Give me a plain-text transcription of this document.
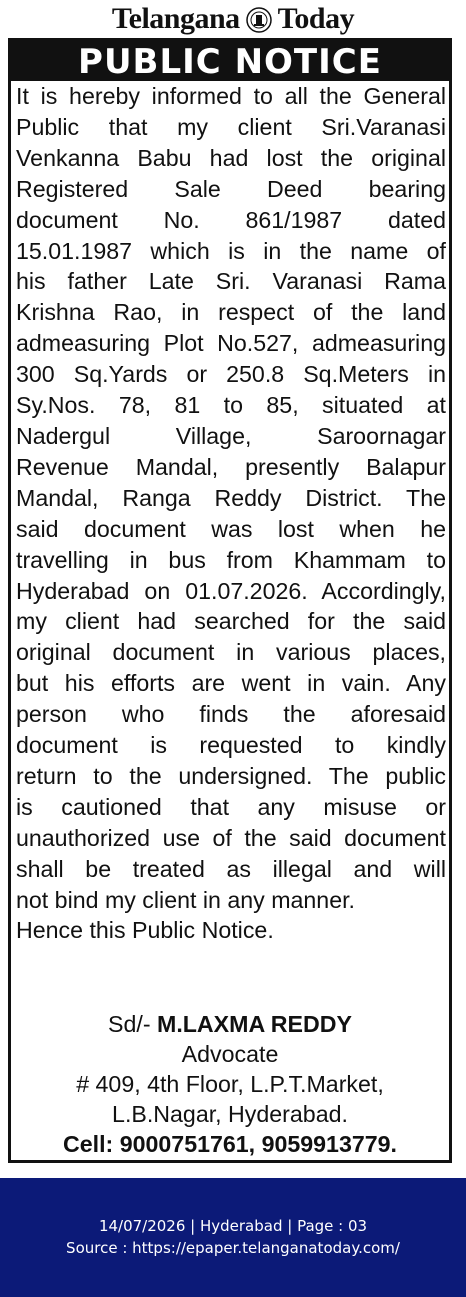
Telangana Today
PUBLIC NOTICE
It is hereby informed to all the General
Public that my client Sri.Varanasi
Venkanna Babu had lost the original
Registered Sale Deed bearing
document No. 861/1987 dated
15.01.1987 which is in the name of
his father Late Sri. Varanasi Rama
Krishna Rao, in respect of the land
admeasuring Plot No.527, admeasuring
300 Sq.Yards or 250.8 Sq.Meters in
Sy.Nos. 78, 81 to 85, situated at
Nadergul Village, Saroornagar
Revenue Mandal, presently Balapur
Mandal, Ranga Reddy District. The
said document was lost when he
travelling in bus from Khammam to
Hyderabad on 01.07.2026. Accordingly,
my client had searched for the said
original document in various places,
but his efforts are went in vain. Any
person who finds the aforesaid
document is requested to kindly
return to the undersigned. The public
is cautioned that any misuse or
unauthorized use of the said document
shall be treated as illegal and will
not bind my client in any manner.
Hence this Public Notice.
Sd/- M.LAXMA REDDY
Advocate
# 409, 4th Floor, L.P.T.Market,
L.B.Nagar, Hyderabad.
Cell: 9000751761, 9059913779.
14/07/2026 | Hyderabad | Page : 03
Source : https://epaper.telanganatoday.com/
